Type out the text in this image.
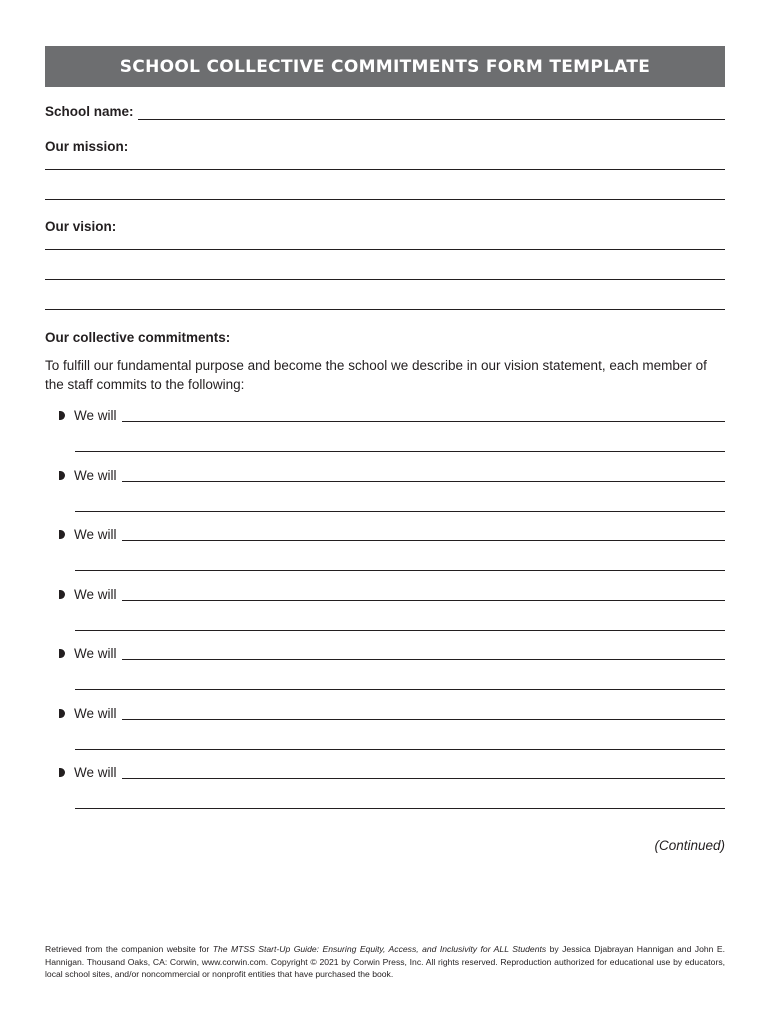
SCHOOL COLLECTIVE COMMITMENTS FORM TEMPLATE
School name:
Our mission:
Our vision:
Our collective commitments:
To fulfill our fundamental purpose and become the school we describe in our vision statement, each member of the staff commits to the following:
We will
We will
We will
We will
We will
We will
We will
(Continued)
Retrieved from the companion website for The MTSS Start-Up Guide: Ensuring Equity, Access, and Inclusivity for ALL Students by Jessica Djabrayan Hannigan and John E. Hannigan. Thousand Oaks, CA: Corwin, www.corwin.com. Copyright © 2021 by Corwin Press, Inc. All rights reserved. Reproduction authorized for educational use by educators, local school sites, and/or noncommercial or nonprofit entities that have purchased the book.
